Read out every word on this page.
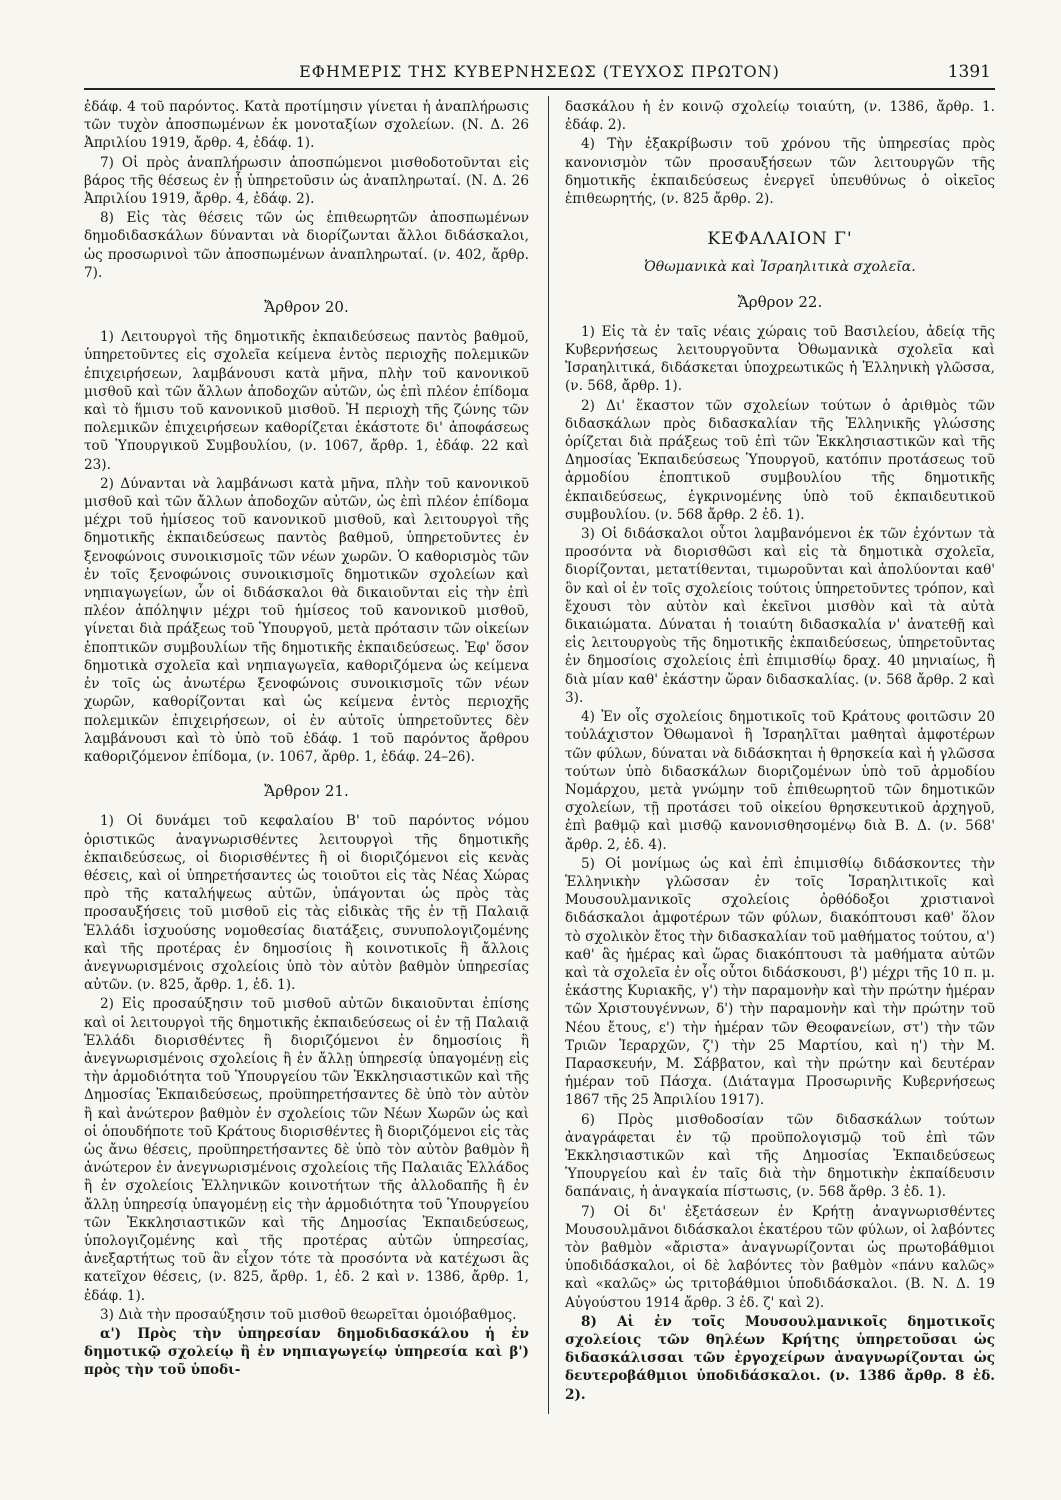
ΕΦΗΜΕΡΙΣ ΤΗΣ ΚΥΒΕΡΝΗΣΕΩΣ (ΤΕΥΧΟΣ ΠΡΩΤΟΝ)	1391

ἐδάφ. 4 τοῦ παρόντος. Κατὰ προτίμησιν γίνεται ἡ ἀναπλήρωσις τῶν τυχὸν ἀποσπωμένων ἐκ μονοταξίων σχολείων. (Ν. Δ. 26 Ἀπριλίου 1919, ἄρθρ. 4, ἐδάφ. 1).

7) Οἱ πρὸς ἀναπλήρωσιν ἀποσπώμενοι μισθοδοτοῦνται εἰς βάρος τῆς θέσεως ἐν ᾗ ὑπηρετοῦσιν ὡς ἀναπληρωταί. (Ν. Δ. 26 Ἀπριλίου 1919, ἄρθρ. 4, ἐδάφ. 2).

8) Εἰς τὰς θέσεις τῶν ὡς ἐπιθεωρητῶν ἀποσπωμένων δημοδιδασκάλων δύνανται νὰ διορίζωνται ἄλλοι διδάσκαλοι, ὡς προσωρινοὶ τῶν ἀποσπωμένων ἀναπληρωταί. (ν. 402, ἄρθρ. 7).

Ἄρθρον 20.

1) Λειτουργοὶ τῆς δημοτικῆς ἐκπαιδεύσεως παντὸς βαθμοῦ, ὑπηρετοῦντες εἰς σχολεῖα κείμενα ἐντὸς περιοχῆς πολεμικῶν ἐπιχειρήσεων, λαμβάνουσι κατὰ μῆνα, πλὴν τοῦ κανονικοῦ μισθοῦ καὶ τῶν ἄλλων ἀποδοχῶν αὐτῶν, ὡς ἐπὶ πλέον ἐπίδομα καὶ τὸ ἥμισυ τοῦ κανονικοῦ μισθοῦ. Ἡ περιοχὴ τῆς ζώνης τῶν πολεμικῶν ἐπιχειρήσεων καθορίζεται ἑκάστοτε δι' ἀποφάσεως τοῦ Ὑπουργικοῦ Συμβουλίου, (ν. 1067, ἄρθρ. 1, ἐδάφ. 22 καὶ 23).

2) Δύνανται νὰ λαμβάνωσι κατὰ μῆνα, πλὴν τοῦ κανονικοῦ μισθοῦ καὶ τῶν ἄλλων ἀποδοχῶν αὐτῶν, ὡς ἐπὶ πλέον ἐπίδομα μέχρι τοῦ ἡμίσεος τοῦ κανονικοῦ μισθοῦ, καὶ λειτουργοὶ τῆς δημοτικῆς ἐκπαιδεύσεως παντὸς βαθμοῦ, ὑπηρετοῦντες ἐν ξενοφώνοις συνοικισμοῖς τῶν νέων χωρῶν. Ὁ καθορισμὸς τῶν ἐν τοῖς ξενοφώνοις συνοικισμοῖς δημοτικῶν σχολείων καὶ νηπιαγωγείων, ὧν οἱ διδάσκαλοι θὰ δικαιοῦνται εἰς τὴν ἐπὶ πλέον ἀπόληψιν μέχρι τοῦ ἡμίσεος τοῦ κανονικοῦ μισθοῦ, γίνεται διὰ πράξεως τοῦ Ὑπουργοῦ, μετὰ πρότασιν τῶν οἰκείων ἐποπτικῶν συμβουλίων τῆς δημοτικῆς ἐκπαιδεύσεως. Ἐφ' ὅσον δημοτικὰ σχολεῖα καὶ νηπιαγωγεῖα, καθοριζόμενα ὡς κείμενα ἐν τοῖς ὡς ἀνωτέρω ξενοφώνοις συνοικισμοῖς τῶν νέων χωρῶν, καθορίζονται καὶ ὡς κείμενα ἐντὸς περιοχῆς πολεμικῶν ἐπιχειρήσεων, οἱ ἐν αὐτοῖς ὑπηρετοῦντες δὲν λαμβάνουσι καὶ τὸ ὑπὸ τοῦ ἐδάφ. 1 τοῦ παρόντος ἄρθρου καθοριζόμενον ἐπίδομα, (ν. 1067, ἄρθρ. 1, ἐδάφ. 24–26).

Ἄρθρον 21.

1) Οἱ δυνάμει τοῦ κεφαλαίου Β' τοῦ παρόντος νόμου ὁριστικῶς ἀναγνωρισθέντες λειτουργοὶ τῆς δημοτικῆς ἐκπαιδεύσεως, οἱ διορισθέντες ἢ οἱ διοριζόμενοι εἰς κενὰς θέσεις, καὶ οἱ ὑπηρετήσαντες ὡς τοιοῦτοι εἰς τὰς Νέας Χώρας πρὸ τῆς καταλήψεως αὐτῶν, ὑπάγονται ὡς πρὸς τὰς προσαυξήσεις τοῦ μισθοῦ εἰς τὰς εἰδικὰς τῆς ἐν τῇ Παλαιᾷ Ἑλλάδι ἰσχυούσης νομοθεσίας διατάξεις, συνυπολογιζομένης καὶ τῆς προτέρας ἐν δημοσίοις ἢ κοινοτικοῖς ἢ ἄλλοις ἀνεγνωρισμένοις σχολείοις ὑπὸ τὸν αὐτὸν βαθμὸν ὑπηρεσίας αὐτῶν. (ν. 825, ἄρθρ. 1, ἐδ. 1).

2) Εἰς προσαύξησιν τοῦ μισθοῦ αὐτῶν δικαιοῦνται ἐπίσης καὶ οἱ λειτουργοὶ τῆς δημοτικῆς ἐκπαιδεύσεως οἱ ἐν τῇ Παλαιᾷ Ἑλλάδι διορισθέντες ἢ διοριζόμενοι ἐν δημοσίοις ἢ ἀνεγνωρισμένοις σχολείοις ἢ ἐν ἄλλῃ ὑπηρεσίᾳ ὑπαγομένῃ εἰς τὴν ἁρμοδιότητα τοῦ Ὑπουργείου τῶν Ἐκκλησιαστικῶν καὶ τῆς Δημοσίας Ἐκπαιδεύσεως, προϋπηρετήσαντες δὲ ὑπὸ τὸν αὐτὸν ἢ καὶ ἀνώτερον βαθμὸν ἐν σχολείοις τῶν Νέων Χωρῶν ὡς καὶ οἱ ὁπουδήποτε τοῦ Κράτους διορισθέντες ἢ διοριζόμενοι εἰς τὰς ὡς ἄνω θέσεις, προϋπηρετήσαντες δὲ ὑπὸ τὸν αὐτὸν βαθμὸν ἢ ἀνώτερον ἐν ἀνεγνωρισμένοις σχολείοις τῆς Παλαιᾶς Ἑλλάδος ἢ ἐν σχολείοις Ἑλληνικῶν κοινοτήτων τῆς ἀλλοδαπῆς ἢ ἐν ἄλλῃ ὑπηρεσίᾳ ὑπαγομένῃ εἰς τὴν ἁρμοδιότητα τοῦ Ὑπουργείου τῶν Ἐκκλησιαστικῶν καὶ τῆς Δημοσίας Ἐκπαιδεύσεως, ὑπολογιζομένης καὶ τῆς προτέρας αὐτῶν ὑπηρεσίας, ἀνεξαρτήτως τοῦ ἂν εἶχον τότε τὰ προσόντα νὰ κατέχωσι ἃς κατεῖχον θέσεις, (ν. 825, ἄρθρ. 1, ἐδ. 2 καὶ ν. 1386, ἄρθρ. 1, ἐδάφ. 1).

3) Διὰ τὴν προσαύξησιν τοῦ μισθοῦ θεωρεῖται ὁμοιόβαθμος.

α') Πρὸς τὴν ὑπηρεσίαν δημοδιδασκάλου ἡ ἐν δημοτικῷ σχολείῳ ἢ ἐν νηπιαγωγείῳ ὑπηρεσία καὶ β') πρὸς τὴν τοῦ ὑποδι-

δασκάλου ἡ ἐν κοινῷ σχολείῳ τοιαύτη, (ν. 1386, ἄρθρ. 1. ἐδάφ. 2).

4) Τὴν ἐξακρίβωσιν τοῦ χρόνου τῆς ὑπηρεσίας πρὸς κανονισμὸν τῶν προσαυξήσεων τῶν λειτουργῶν τῆς δημοτικῆς ἐκπαιδεύσεως ἐνεργεῖ ὑπευθύνως ὁ οἰκεῖος ἐπιθεωρητής, (ν. 825 ἄρθρ. 2).

ΚΕΦΑΛΑΙΟΝ Γ'
Ὀθωμανικὰ καὶ Ἰσραηλιτικὰ σχολεῖα.
Ἄρθρον 22.

1) Εἰς τὰ ἐν ταῖς νέαις χώραις τοῦ Βασιλείου, ἀδείᾳ τῆς Κυβερνήσεως λειτουργοῦντα Ὀθωμανικὰ σχολεῖα καὶ Ἰσραηλιτικά, διδάσκεται ὑποχρεωτικῶς ἡ Ἑλληνικὴ γλῶσσα, (ν. 568, ἄρθρ. 1).

2) Δι' ἕκαστον τῶν σχολείων τούτων ὁ ἀριθμὸς τῶν διδασκάλων πρὸς διδασκαλίαν τῆς Ἑλληνικῆς γλώσσης ὁρίζεται διὰ πράξεως τοῦ ἐπὶ τῶν Ἐκκλησιαστικῶν καὶ τῆς Δημοσίας Ἐκπαιδεύσεως Ὑπουργοῦ, κατόπιν προτάσεως τοῦ ἁρμοδίου ἐποπτικοῦ συμβουλίου τῆς δημοτικῆς ἐκπαιδεύσεως, ἐγκρινομένης ὑπὸ τοῦ ἐκπαιδευτικοῦ συμβουλίου. (ν. 568 ἄρθρ. 2 ἐδ. 1).

3) Οἱ διδάσκαλοι οὗτοι λαμβανόμενοι ἐκ τῶν ἐχόντων τὰ προσόντα νὰ διορισθῶσι καὶ εἰς τὰ δημοτικὰ σχολεῖα, διορίζονται, μετατίθενται, τιμωροῦνται καὶ ἀπολύονται καθ' ὃν καὶ οἱ ἐν τοῖς σχολείοις τούτοις ὑπηρετοῦντες τρόπον, καὶ ἔχουσι τὸν αὐτὸν καὶ ἐκεῖνοι μισθὸν καὶ τὰ αὐτὰ δικαιώματα. Δύναται ἡ τοιαύτη διδασκαλία ν' ἀνατεθῇ καὶ εἰς λειτουργοὺς τῆς δημοτικῆς ἐκπαιδεύσεως, ὑπηρετοῦντας ἐν δημοσίοις σχολείοις ἐπὶ ἐπιμισθίῳ δραχ. 40 μηνιαίως, ἢ διὰ μίαν καθ' ἑκάστην ὥραν διδασκαλίας. (ν. 568 ἄρθρ. 2 καὶ 3).

4) Ἐν οἷς σχολείοις δημοτικοῖς τοῦ Κράτους φοιτῶσιν 20 τοὐλάχιστον Ὀθωμανοὶ ἢ Ἰσραηλῖται μαθηταὶ ἀμφοτέρων τῶν φύλων, δύναται νὰ διδάσκηται ἡ θρησκεία καὶ ἡ γλῶσσα τούτων ὑπὸ διδασκάλων διοριζομένων ὑπὸ τοῦ ἁρμοδίου Νομάρχου, μετὰ γνώμην τοῦ ἐπιθεωρητοῦ τῶν δημοτικῶν σχολείων, τῇ προτάσει τοῦ οἰκείου θρησκευτικοῦ ἀρχηγοῦ, ἐπὶ βαθμῷ καὶ μισθῷ κανονισθησομένῳ διὰ Β. Δ. (ν. 568' ἄρθρ. 2, ἐδ. 4).

5) Οἱ μονίμως ὡς καὶ ἐπὶ ἐπιμισθίῳ διδάσκοντες τὴν Ἑλληνικὴν γλῶσσαν ἐν τοῖς Ἰσραηλιτικοῖς καὶ Μουσουλμανικοῖς σχολείοις ὀρθόδοξοι χριστιανοὶ διδάσκαλοι ἀμφοτέρων τῶν φύλων, διακόπτουσι καθ' ὅλον τὸ σχολικὸν ἔτος τὴν διδασκαλίαν τοῦ μαθήματος τούτου, α') καθ' ἃς ἡμέρας καὶ ὥρας διακόπτουσι τὰ μαθήματα αὐτῶν καὶ τὰ σχολεῖα ἐν οἷς οὗτοι διδάσκουσι, β') μέχρι τῆς 10 π. μ. ἑκάστης Κυριακῆς, γ') τὴν παραμονὴν καὶ τὴν πρώτην ἡμέραν τῶν Χριστουγέννων, δ') τὴν παραμονὴν καὶ τὴν πρώτην τοῦ Νέου ἔτους, ε') τὴν ἡμέραν τῶν Θεοφανείων, στ') τὴν τῶν Τριῶν Ἱεραρχῶν, ζ') τὴν 25 Μαρτίου, καὶ η') τὴν Μ. Παρασκευήν, Μ. Σάββατον, καὶ τὴν πρώτην καὶ δευτέραν ἡμέραν τοῦ Πάσχα. (Διάταγμα Προσωρινῆς Κυβερνήσεως 1867 τῆς 25 Ἀπριλίου 1917).

6) Πρὸς μισθοδοσίαν τῶν διδασκάλων τούτων ἀναγράφεται ἐν τῷ προϋπολογισμῷ τοῦ ἐπὶ τῶν Ἐκκλησιαστικῶν καὶ τῆς Δημοσίας Ἐκπαιδεύσεως Ὑπουργείου καὶ ἐν ταῖς διὰ τὴν δημοτικὴν ἐκπαίδευσιν δαπάναις, ἡ ἀναγκαία πίστωσις, (ν. 568 ἄρθρ. 3 ἐδ. 1).

7) Οἱ δι' ἐξετάσεων ἐν Κρήτῃ ἀναγνωρισθέντες Μουσουλμᾶνοι διδάσκαλοι ἑκατέρου τῶν φύλων, οἱ λαβόντες τὸν βαθμὸν «ἄριστα» ἀναγνωρίζονται ὡς πρωτοβάθμιοι ὑποδιδάσκαλοι, οἱ δὲ λαβόντες τὸν βαθμὸν «πάνυ καλῶς» καὶ «καλῶς» ὡς τριτοβάθμιοι ὑποδιδάσκαλοι. (Β. Ν. Δ. 19 Αὐγούστου 1914 ἄρθρ. 3 ἐδ. ζ' καὶ 2).

8) Αἱ ἐν τοῖς Μουσουλμανικοῖς δημοτικοῖς σχολείοις τῶν θηλέων Κρήτης ὑπηρετοῦσαι ὡς διδασκάλισσαι τῶν ἐργοχείρων ἀναγνωρίζονται ὡς δευτεροβάθμιοι ὑποδιδάσκαλοι. (ν. 1386 ἄρθρ. 8 ἐδ. 2).
